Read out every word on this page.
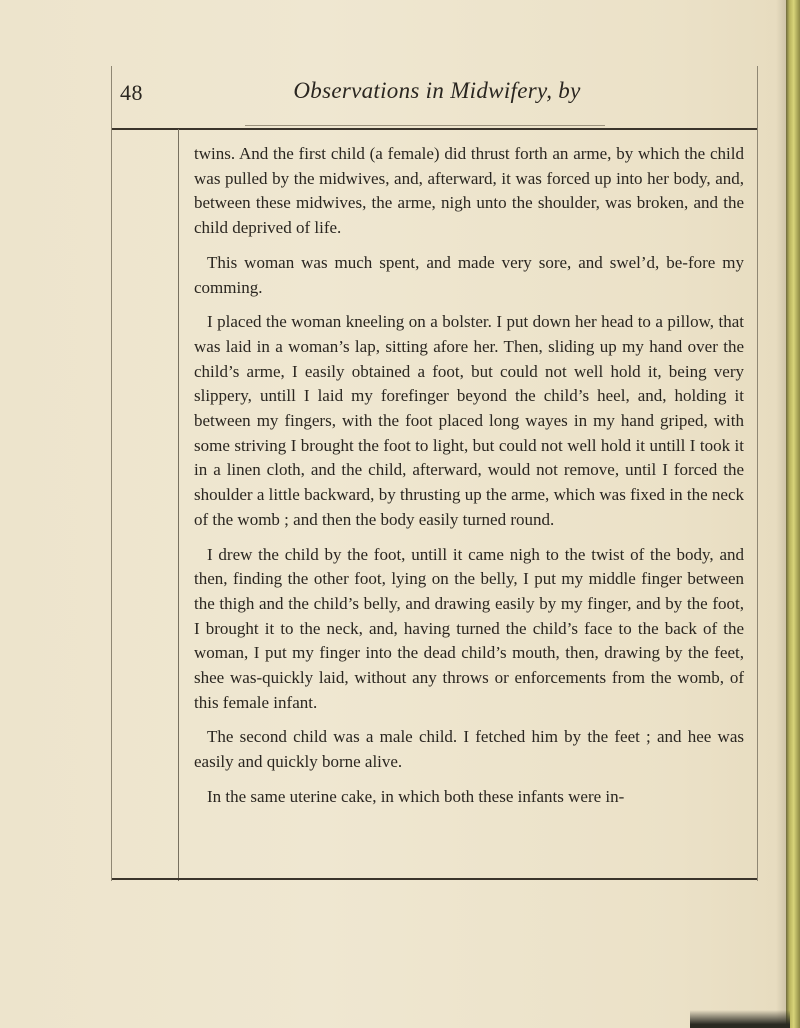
48	Observations in Midwifery, by

twins. And the first child (a female) did thrust forth an arme, by which the child was pulled by the midwives, and, afterward, it was forced up into her body, and, between these midwives, the arme, nigh unto the shoulder, was broken, and the child deprived of life.

This woman was much spent, and made very sore, and swel’d, be-fore my comming.

I placed the woman kneeling on a bolster. I put down her head to a pillow, that was laid in a woman’s lap, sitting afore her. Then, sliding up my hand over the child’s arme, I easily obtained a foot, but could not well hold it, being very slippery, untill I laid my forefinger beyond the child’s heel, and, holding it between my fingers, with the foot placed long wayes in my hand griped, with some striving I brought the foot to light, but could not well hold it untill I took it in a linen cloth, and the child, afterward, would not remove, until I forced the shoulder a little backward, by thrusting up the arme, which was fixed in the neck of the womb ; and then the body easily turned round.

I drew the child by the foot, untill it came nigh to the twist of the body, and then, finding the other foot, lying on the belly, I put my middle finger between the thigh and the child’s belly, and drawing easily by my finger, and by the foot, I brought it to the neck, and, having turned the child’s face to the back of the woman, I put my finger into the dead child’s mouth, then, drawing by the feet, shee was-quickly laid, without any throws or enforcements from the womb, of this female infant.

The second child was a male child. I fetched him by the feet ; and hee was easily and quickly borne alive.

In the same uterine cake, in which both these infants were in-
